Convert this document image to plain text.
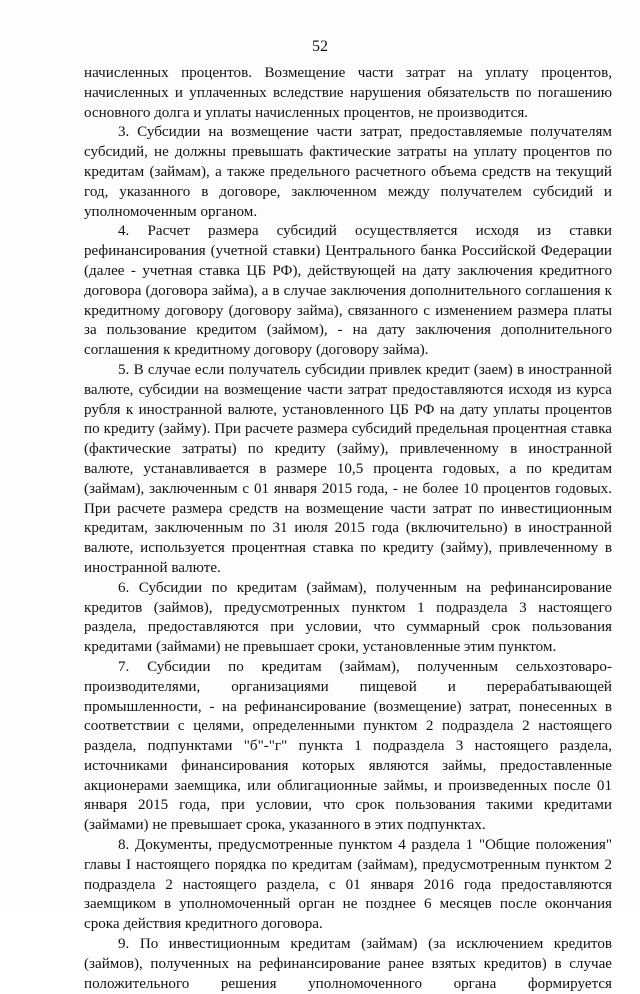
52

начисленных процентов. Возмещение части затрат на уплату процентов, начисленных и уплаченных вследствие нарушения обязательств по погашению основного долга и уплаты начисленных процентов, не производится.

3. Субсидии на возмещение части затрат, предоставляемые получателям субсидий, не должны превышать фактические затраты на уплату процентов по кредитам (займам), а также предельного расчетного объема средств на текущий год, указанного в договоре, заключенном между получателем субсидий и уполномоченным органом.

4. Расчет размера субсидий осуществляется исходя из ставки рефинансирования (учетной ставки) Центрального банка Российской Федерации (далее - учетная ставка ЦБ РФ), действующей на дату заключения кредитного договора (договора займа), а в случае заключения дополнительного соглашения к кредитному договору (договору займа), связанного с изменением размера платы за пользование кредитом (займом), - на дату заключения дополнительного соглашения к кредитному договору (договору займа).

5. В случае если получатель субсидии привлек кредит (заем) в иностранной валюте, субсидии на возмещение части затрат предоставляются исходя из курса рубля к иностранной валюте, установленного ЦБ РФ на дату уплаты процентов по кредиту (займу). При расчете размера субсидий предельная процентная ставка (фактические затраты) по кредиту (займу), привлеченному в иностранной валюте, устанавливается в размере 10,5 процента годовых, а по кредитам (займам), заключенным с 01 января 2015 года, - не более 10 процентов годовых. При расчете размера средств на возмещение части затрат по инвестиционным кредитам, заключенным по 31 июля 2015 года (включительно) в иностранной валюте, используется процентная ставка по кредиту (займу), привлеченному в иностранной валюте.

6. Субсидии по кредитам (займам), полученным на рефинансирование кредитов (займов), предусмотренных пунктом 1 подраздела 3 настоящего раздела, предоставляются при условии, что суммарный срок пользования кредитами (займами) не превышает сроки, установленные этим пунктом.

7. Субсидии по кредитам (займам), полученным сельхозтоваро-производителями, организациями пищевой и перерабатывающей промышленности, - на рефинансирование (возмещение) затрат, понесенных в соответствии с целями, определенными пунктом 2 подраздела 2 настоящего раздела, подпунктами "б"-"г" пункта 1 подраздела 3 настоящего раздела, источниками финансирования которых являются займы, предоставленные акционерами заемщика, или облигационные займы, и произведенных после 01 января 2015 года, при условии, что срок пользования такими кредитами (займами) не превышает срока, указанного в этих подпунктах.

8. Документы, предусмотренные пунктом 4 раздела 1 "Общие положения" главы I настоящего порядка по кредитам (займам), предусмотренным пунктом 2 подраздела 2 настоящего раздела, с 01 января 2016 года предоставляются заемщиком в уполномоченный орган не позднее 6 месяцев после окончания срока действия кредитного договора.

9. По инвестиционным кредитам (займам) (за исключением кредитов (займов), полученных на рефинансирование ранее взятых кредитов) в случае положительного решения уполномоченного органа формируется
